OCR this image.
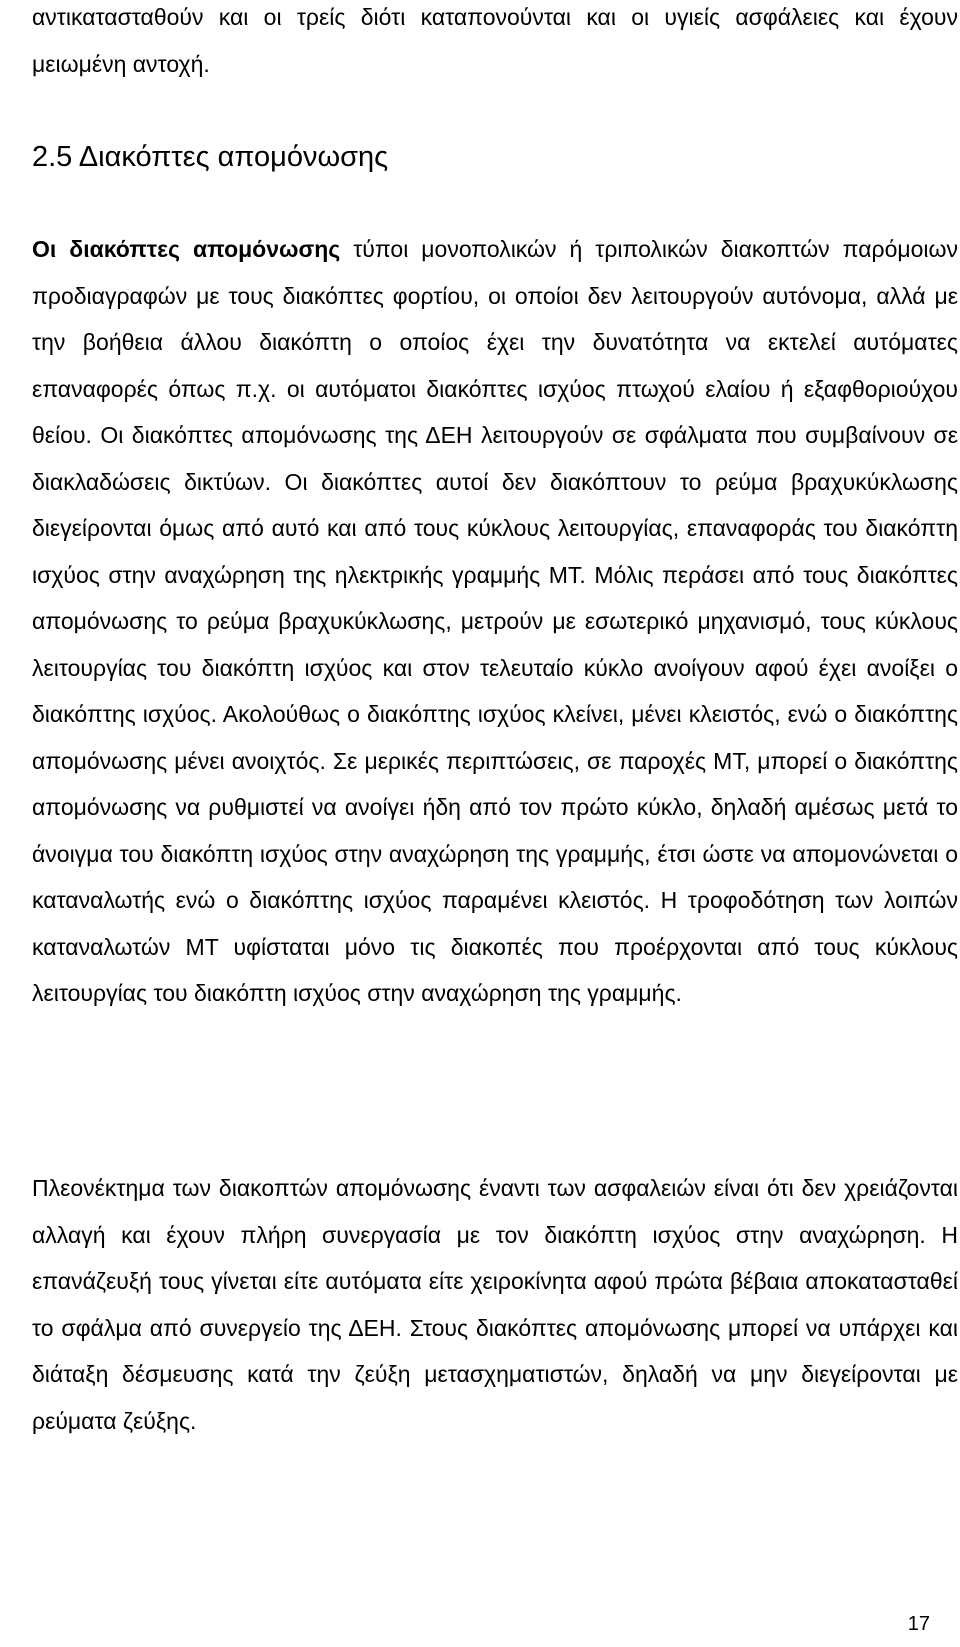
αντικατασταθούν και οι τρείς διότι καταπονούνται και οι υγιείς ασφάλειες και έχουν μειωμένη αντοχή.

2.5 Διακόπτες απομόνωσης

Οι διακόπτες απομόνωσης τύποι μονοπολικών ή τριπολικών διακοπτών παρόμοιων προδιαγραφών με τους διακόπτες φορτίου, οι οποίοι δεν λειτουργούν αυτόνομα, αλλά με την βοήθεια άλλου διακόπτη ο οποίος έχει την δυνατότητα να εκτελεί αυτόματες επαναφορές όπως π.χ. οι αυτόματοι διακόπτες ισχύος πτωχού ελαίου ή εξαφθοριούχου θείου. Οι διακόπτες απομόνωσης της ΔΕΗ λειτουργούν σε σφάλματα που συμβαίνουν σε διακλαδώσεις δικτύων. Οι διακόπτες αυτοί δεν διακόπτουν το ρεύμα βραχυκύκλωσης διεγείρονται όμως από αυτό και από τους κύκλους λειτουργίας, επαναφοράς του διακόπτη ισχύος στην αναχώρηση της ηλεκτρικής γραμμής ΜΤ. Μόλις περάσει από τους διακόπτες απομόνωσης το ρεύμα βραχυκύκλωσης, μετρούν με εσωτερικό μηχανισμό, τους κύκλους λειτουργίας του διακόπτη ισχύος και στον τελευταίο κύκλο ανοίγουν αφού έχει ανοίξει ο διακόπτης ισχύος. Ακολούθως ο διακόπτης ισχύος κλείνει, μένει κλειστός, ενώ ο διακόπτης απομόνωσης μένει ανοιχτός. Σε μερικές περιπτώσεις, σε παροχές ΜΤ, μπορεί ο διακόπτης απομόνωσης να ρυθμιστεί να ανοίγει ήδη από τον πρώτο κύκλο, δηλαδή αμέσως μετά το άνοιγμα του διακόπτη ισχύος στην αναχώρηση της γραμμής, έτσι ώστε να απομονώνεται ο καταναλωτής ενώ ο διακόπτης ισχύος παραμένει κλειστός. Η τροφοδότηση των λοιπών καταναλωτών ΜΤ υφίσταται μόνο τις διακοπές που προέρχονται από τους κύκλους λειτουργίας του διακόπτη ισχύος στην αναχώρηση της γραμμής.

Πλεονέκτημα των διακοπτών απομόνωσης έναντι των ασφαλειών είναι ότι δεν χρειάζονται αλλαγή και έχουν πλήρη συνεργασία με τον διακόπτη ισχύος στην αναχώρηση. Η επανάζευξή τους γίνεται είτε αυτόματα είτε χειροκίνητα αφού πρώτα βέβαια αποκατασταθεί το σφάλμα από συνεργείο της ΔΕΗ. Στους διακόπτες απομόνωσης μπορεί να υπάρχει και διάταξη δέσμευσης κατά την ζεύξη μετασχηματιστών, δηλαδή να μην διεγείρονται με ρεύματα ζεύξης.

17
